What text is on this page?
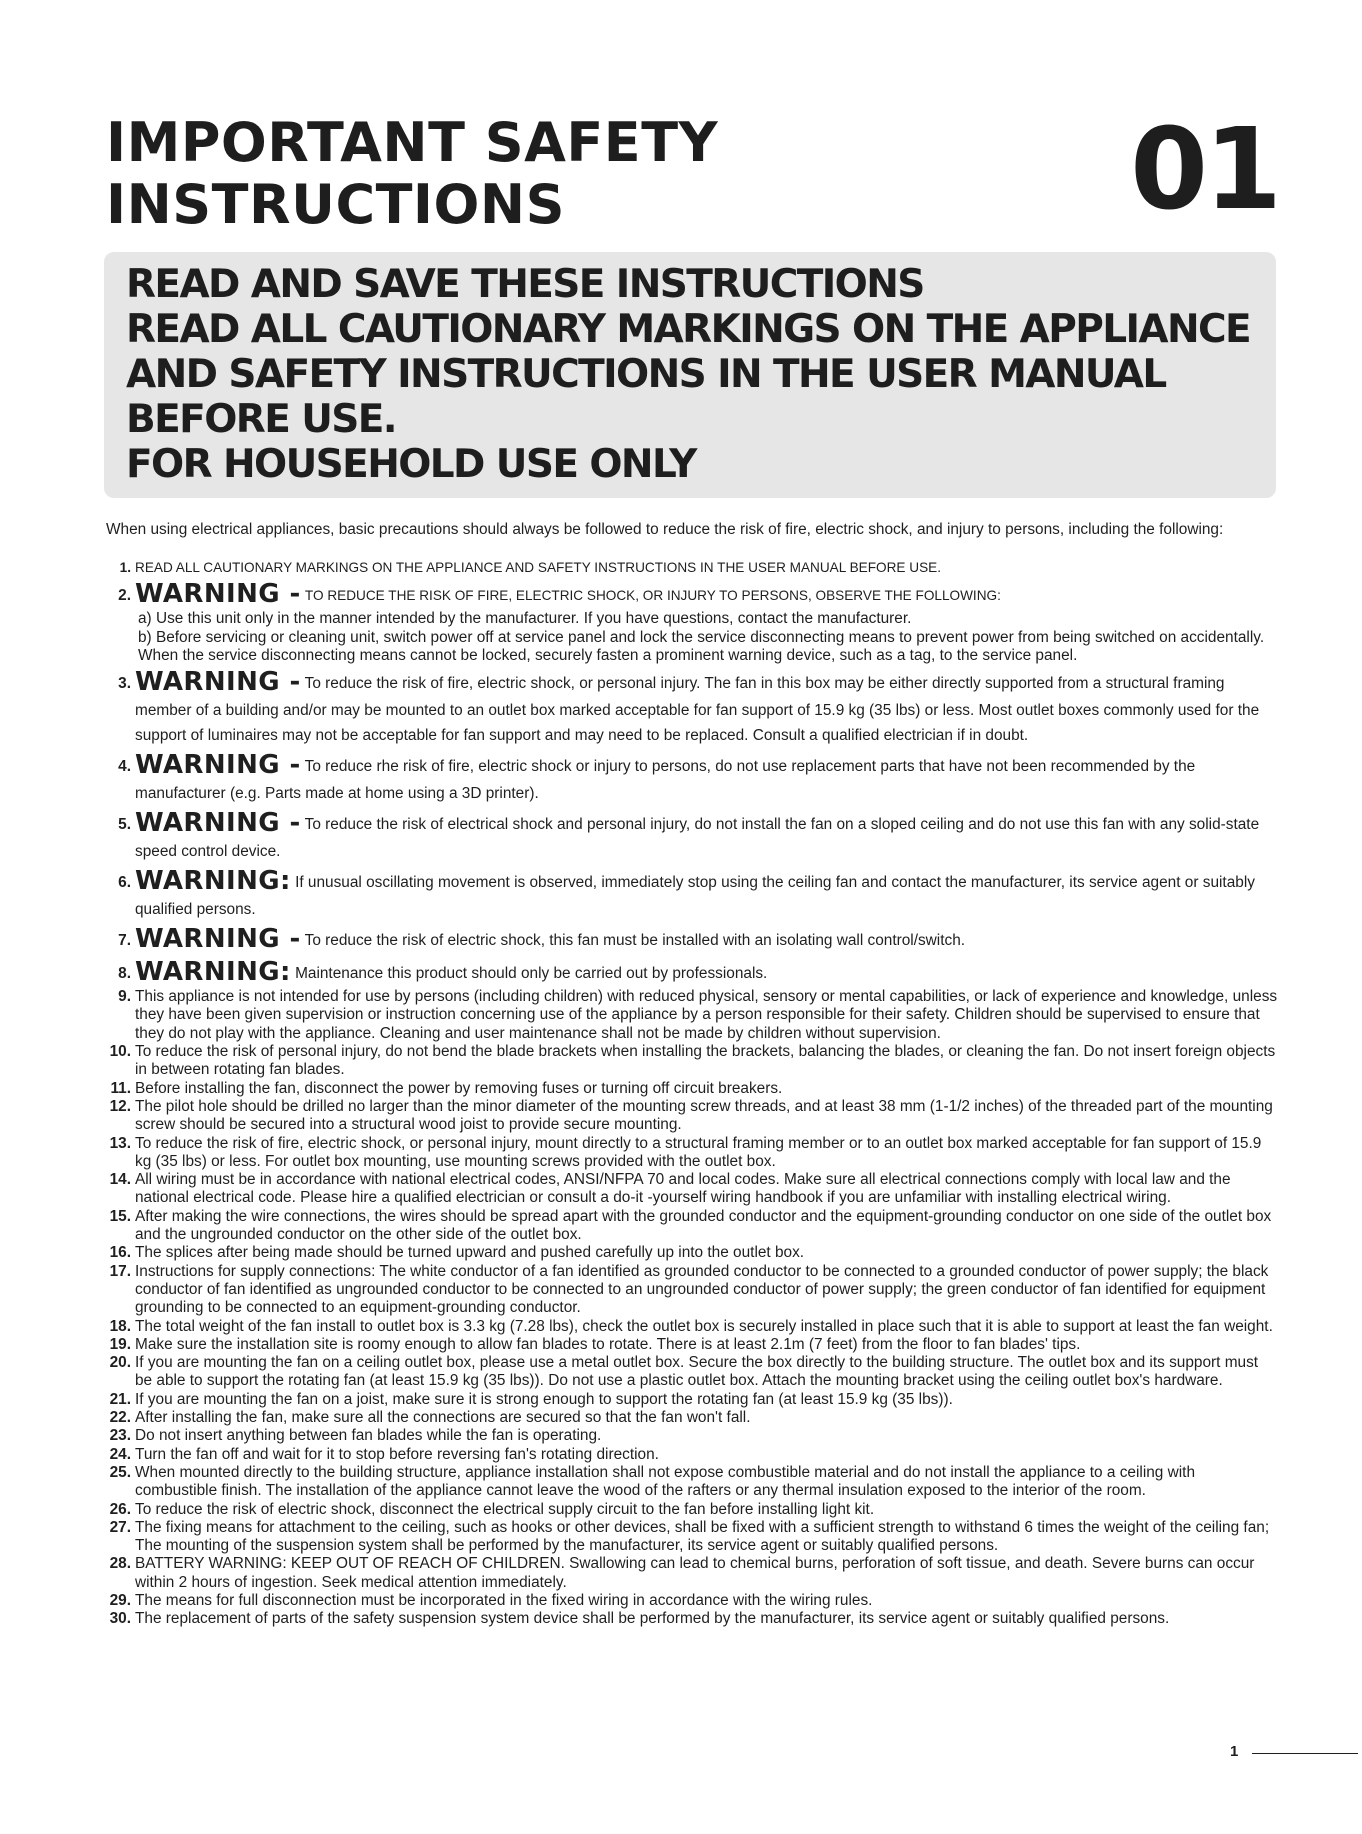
IMPORTANT SAFETY
INSTRUCTIONS	01
READ AND SAVE THESE INSTRUCTIONS
READ ALL CAUTIONARY MARKINGS ON THE APPLIANCE
AND SAFETY INSTRUCTIONS IN THE USER MANUAL
BEFORE USE.
FOR HOUSEHOLD USE ONLY
When using electrical appliances, basic precautions should always be followed to reduce the risk of fire, electric shock, and injury to persons, including the following:
1. READ ALL CAUTIONARY MARKINGS ON THE APPLIANCE AND SAFETY INSTRUCTIONS IN THE USER MANUAL BEFORE USE.
2. WARNING - TO REDUCE THE RISK OF FIRE, ELECTRIC SHOCK, OR INJURY TO PERSONS, OBSERVE THE FOLLOWING:
a) Use this unit only in the manner intended by the manufacturer. If you have questions, contact the manufacturer.
b) Before servicing or cleaning unit, switch power off at service panel and lock the service disconnecting means to prevent power from being switched on accidentally. When the service disconnecting means cannot be locked, securely fasten a prominent warning device, such as a tag, to the service panel.
3. WARNING - To reduce the risk of fire, electric shock, or personal injury. The fan in this box may be either directly supported from a structural framing member of a building and/or may be mounted to an outlet box marked acceptable for fan support of 15.9 kg (35 lbs) or less. Most outlet boxes commonly used for the support of luminaires may not be acceptable for fan support and may need to be replaced. Consult a qualified electrician if in doubt.
4. WARNING - To reduce rhe risk of fire, electric shock or injury to persons, do not use replacement parts that have not been recommended by the manufacturer (e.g. Parts made at home using a 3D printer).
5. WARNING - To reduce the risk of electrical shock and personal injury, do not install the fan on a sloped ceiling and do not use this fan with any solid-state speed control device.
6. WARNING: If unusual oscillating movement is observed, immediately stop using the ceiling fan and contact the manufacturer, its service agent or suitably qualified persons.
7. WARNING - To reduce the risk of electric shock, this fan must be installed with an isolating wall control/switch.
8. WARNING: Maintenance this product should only be carried out by professionals.
9. This appliance is not intended for use by persons (including children) with reduced physical, sensory or mental capabilities, or lack of experience and knowledge, unless they have been given supervision or instruction concerning use of the appliance by a person responsible for their safety. Children should be supervised to ensure that they do not play with the appliance. Cleaning and user maintenance shall not be made by children without supervision.
10. To reduce the risk of personal injury, do not bend the blade brackets when installing the brackets, balancing the blades, or cleaning the fan. Do not insert foreign objects in between rotating fan blades.
11. Before installing the fan, disconnect the power by removing fuses or turning off circuit breakers.
12. The pilot hole should be drilled no larger than the minor diameter of the mounting screw threads, and at least 38 mm (1-1/2 inches) of the threaded part of the mounting screw should be secured into a structural wood joist to provide secure mounting.
13. To reduce the risk of fire, electric shock, or personal injury, mount directly to a structural framing member or to an outlet box marked acceptable for fan support of 15.9 kg (35 lbs) or less. For outlet box mounting, use mounting screws provided with the outlet box.
14. All wiring must be in accordance with national electrical codes, ANSI/NFPA 70 and local codes. Make sure all electrical connections comply with local law and the national electrical code. Please hire a qualified electrician or consult a do-it -yourself wiring handbook if you are unfamiliar with installing electrical wiring.
15. After making the wire connections, the wires should be spread apart with the grounded conductor and the equipment-grounding conductor on one side of the outlet box and the ungrounded conductor on the other side of the outlet box.
16. The splices after being made should be turned upward and pushed carefully up into the outlet box.
17. Instructions for supply connections: The white conductor of a fan identified as grounded conductor to be connected to a grounded conductor of power supply; the black conductor of fan identified as ungrounded conductor to be connected to an ungrounded conductor of power supply; the green conductor of fan identified for equipment grounding to be connected to an equipment-grounding conductor.
18. The total weight of the fan install to outlet box is 3.3 kg (7.28 lbs), check the outlet box is securely installed in place such that it is able to support at least the fan weight.
19. Make sure the installation site is roomy enough to allow fan blades to rotate. There is at least 2.1m (7 feet) from the floor to fan blades' tips.
20. If you are mounting the fan on a ceiling outlet box, please use a metal outlet box. Secure the box directly to the building structure. The outlet box and its support must be able to support the rotating fan (at least 15.9 kg (35 lbs)). Do not use a plastic outlet box. Attach the mounting bracket using the ceiling outlet box's hardware.
21. If you are mounting the fan on a joist, make sure it is strong enough to support the rotating fan (at least 15.9 kg (35 lbs)).
22. After installing the fan, make sure all the connections are secured so that the fan won't fall.
23. Do not insert anything between fan blades while the fan is operating.
24. Turn the fan off and wait for it to stop before reversing fan's rotating direction.
25. When mounted directly to the building structure, appliance installation shall not expose combustible material and do not install the appliance to a ceiling with combustible finish. The installation of the appliance cannot leave the wood of the rafters or any thermal insulation exposed to the interior of the room.
26. To reduce the risk of electric shock, disconnect the electrical supply circuit to the fan before installing light kit.
27. The fixing means for attachment to the ceiling, such as hooks or other devices, shall be fixed with a sufficient strength to withstand 6 times the weight of the ceiling fan; The mounting of the suspension system shall be performed by the manufacturer, its service agent or suitably qualified persons.
28. BATTERY WARNING: KEEP OUT OF REACH OF CHILDREN. Swallowing can lead to chemical burns, perforation of soft tissue, and death. Severe burns can occur within 2 hours of ingestion. Seek medical attention immediately.
29. The means for full disconnection must be incorporated in the fixed wiring in accordance with the wiring rules.
30. The replacement of parts of the safety suspension system device shall be performed by the manufacturer, its service agent or suitably qualified persons.
1
